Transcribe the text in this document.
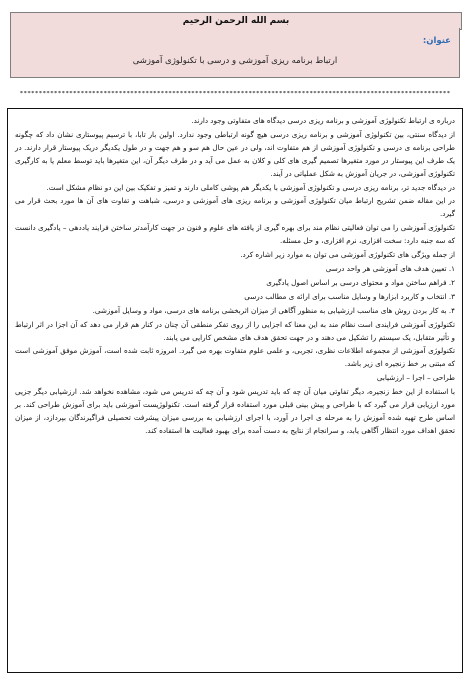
بسم الله الرحمن الرحیم
عنوان:
ارتباط برنامه ریزی آموزشی و درسی با تکنولوژی آموزشی
*****************************************************************************************************************

درباره ی ارتباط تکنولوژی آموزشی و برنامه ریزی درسی دیدگاه های متفاوتی وجود دارند.

از دیدگاه سنتی، بین تکنولوژی آموزشی و برنامه ریزی درسی هیچ گونه ارتباطی وجود ندارد. اولین بار تابا، با ترسیم پیوستاری نشان داد که چگونه طراحی برنامه ی درسی و تکنولوژی آموزشی از هم متفاوت اند، ولی در عین حال هم سو و هم جهت و در طول یکدیگر دریک پیوستار قرار دارند. در یک طرف این پیوستار در مورد متغیرها تصمیم گیری های کلی و کلان به عمل می آید و در طرف دیگر آن، این متغیرها باید توسط معلم یا به کارگیری تکنولوژی آموزشی، در جریان آموزش به شکل عملیاتی در آیند.

در دیدگاه جدید تر، برنامه ریزی درسی و تکنولوژی آموزشی با یکدیگر هم پوشی کاملی دارند و تمیز و تفکیک بین این دو نظام مشکل است.

در این مقاله ضمن تشریح ارتباط میان تکنولوژی آموزشی و برنامه ریزی های آموزشی و درسی، شباهت و تفاوت های آن ها مورد بحث قرار می گیرد.

تکنولوژی آموزشی را می توان فعالیتی نظام مند برای بهره گیری از یافته های علوم و فنون در جهت کارآمدتر ساختن فرایند یاددهی – یادگیری دانست که سه جنبه دارد: سخت افزاری، نرم افزاری، و حل مسئله.

از جمله ویژگی های تکنولوژی آموزشی می توان به موارد زیر اشاره کرد.

۱. تعیین هدف های آموزشی هر واحد درسی

۲. فراهم ساختن مواد و محتوای درسی بر اساس اصول یادگیری

۳. انتخاب و کاربرد ابزارها و وسایل مناسب برای ارائه ی مطالب درسی

۴. به کار بردن روش های مناسب ارزشیابی به منظور آگاهی از میزان اثربخشی برنامه های درسی، مواد و وسایل آموزشی.

تکنولوژی آموزشی فرایندی است نظام مند به این معنا که اجزایی را از روی تفکر منطقی آن چنان در کنار هم قرار می دهد که آن اجزا در اثر ارتباط و تأثیر متقابل، یک سیستم را تشکیل می دهند و در جهت تحقق هدف های مشخص کارایی می یابند.

تکنولوژی آموزشی از مجموعه اطلاعات نظری، تجربی، و علمی علوم متفاوت بهره می گیرد. امروزه ثابت شده است، آموزش موفق آموزشی است که مبتنی بر خط زنجیره ای زیر باشد.

طراحی – اجرا – ارزشیابی

با استفاده از این خط زنجیره، دیگر تفاوتی میان آن چه که باید تدریس شود و آن چه که تدریس می شود، مشاهده نخواهد شد. ارزشیابی دیگر جزیی مورد ارزیابی قرار می گیرد که با طراحی و پیش بینی قبلی مورد استفاده قرار گرفته است. تکنولوژیست آموزشی باید برای آموزش طراحی کند. بر اساس طرح تهیه شده آموزش را به مرحله ی اجرا در آورد، با اجرای ارزشیابی به بررسی میزان پیشرفت تحصیلی فراگیرندگان بپردازد، از میزان تحقق اهداف مورد انتظار آگاهی یابد، و سرانجام از نتایج به دست آمده برای بهبود فعالیت ها استفاده کند.
